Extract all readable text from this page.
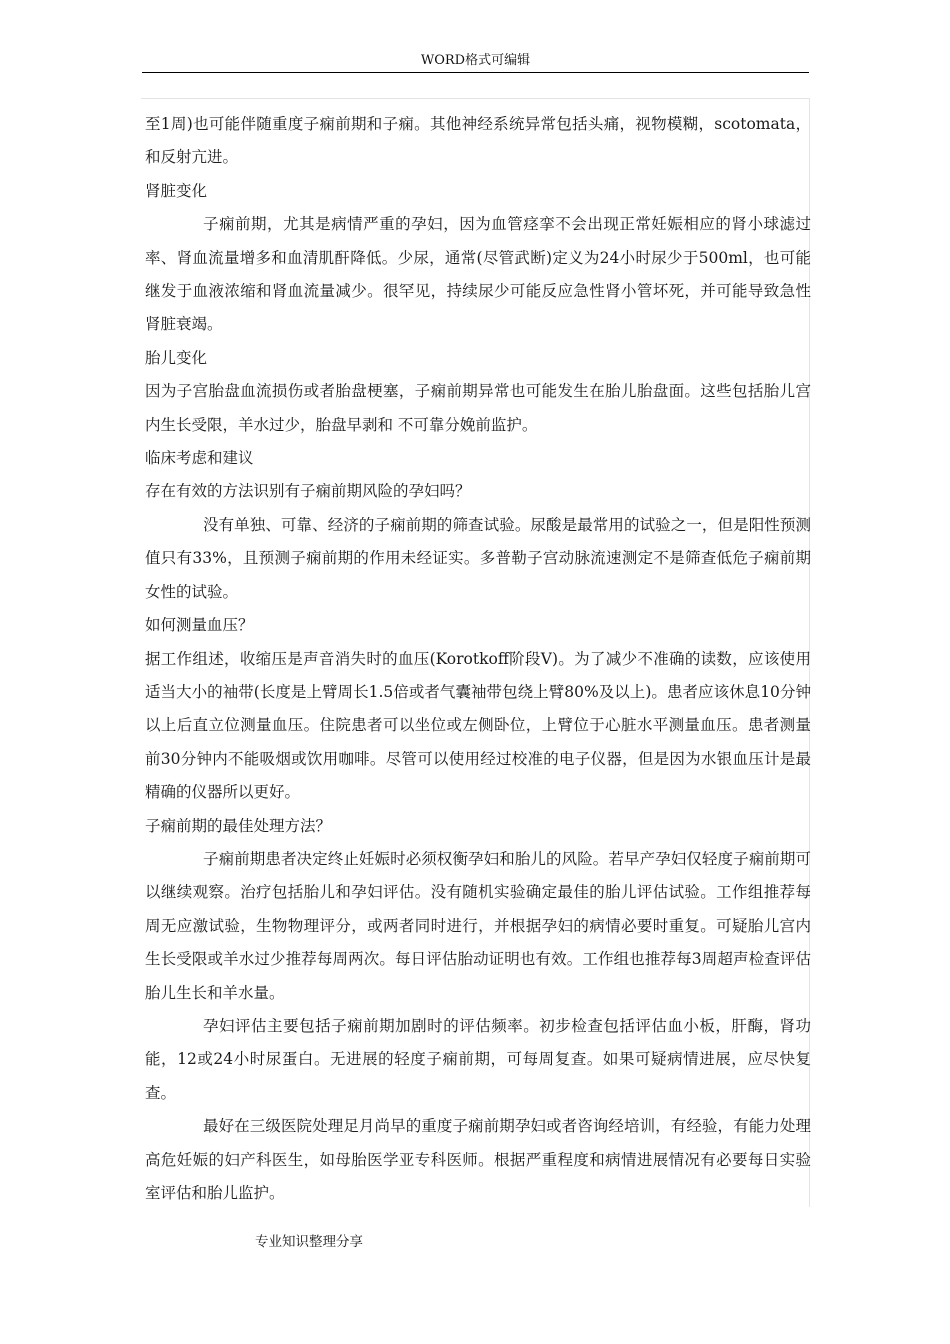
WORD格式可编辑

至1周)也可能伴随重度子痫前期和子痫。其他神经系统异常包括头痛，视物模糊，scotomata，和反射亢进。

肾脏变化

子痫前期，尤其是病情严重的孕妇，因为血管痉挛不会出现正常妊娠相应的肾小球滤过率、肾血流量增多和血清肌酐降低。少尿，通常(尽管武断)定义为24小时尿少于500ml，也可能继发于血液浓缩和肾血流量减少。很罕见，持续尿少可能反应急性肾小管坏死，并可能导致急性肾脏衰竭。

胎儿变化

因为子宫胎盘血流损伤或者胎盘梗塞，子痫前期异常也可能发生在胎儿胎盘面。这些包括胎儿宫内生长受限，羊水过少，胎盘早剥和 不可靠分娩前监护。

临床考虑和建议

存在有效的方法识别有子痫前期风险的孕妇吗？

没有单独、可靠、经济的子痫前期的筛查试验。尿酸是最常用的试验之一，但是阳性预测值只有33%，且预测子痫前期的作用未经证实。多普勒子宫动脉流速测定不是筛查低危子痫前期女性的试验。

如何测量血压？

据工作组述，收缩压是声音消失时的血压(Korotkoff阶段V)。为了减少不准确的读数，应该使用适当大小的袖带(长度是上臂周长1.5倍或者气囊袖带包绕上臂80%及以上)。患者应该休息10分钟以上后直立位测量血压。住院患者可以坐位或左侧卧位，上臂位于心脏水平测量血压。患者测量前30分钟内不能吸烟或饮用咖啡。尽管可以使用经过校准的电子仪器，但是因为水银血压计是最精确的仪器所以更好。

子痫前期的最佳处理方法？

子痫前期患者决定终止妊娠时必须权衡孕妇和胎儿的风险。若早产孕妇仅轻度子痫前期可以继续观察。治疗包括胎儿和孕妇评估。没有随机实验确定最佳的胎儿评估试验。工作组推荐每周无应激试验，生物物理评分，或两者同时进行，并根据孕妇的病情必要时重复。可疑胎儿宫内生长受限或羊水过少推荐每周两次。每日评估胎动证明也有效。工作组也推荐每3周超声检查评估胎儿生长和羊水量。

孕妇评估主要包括子痫前期加剧时的评估频率。初步检查包括评估血小板，肝酶，肾功能，12或24小时尿蛋白。无进展的轻度子痫前期，可每周复查。如果可疑病情进展，应尽快复查。

最好在三级医院处理足月尚早的重度子痫前期孕妇或者咨询经培训，有经验，有能力处理高危妊娠的妇产科医生，如母胎医学亚专科医师。根据严重程度和病情进展情况有必要每日实验室评估和胎儿监护。

专业知识整理分享
